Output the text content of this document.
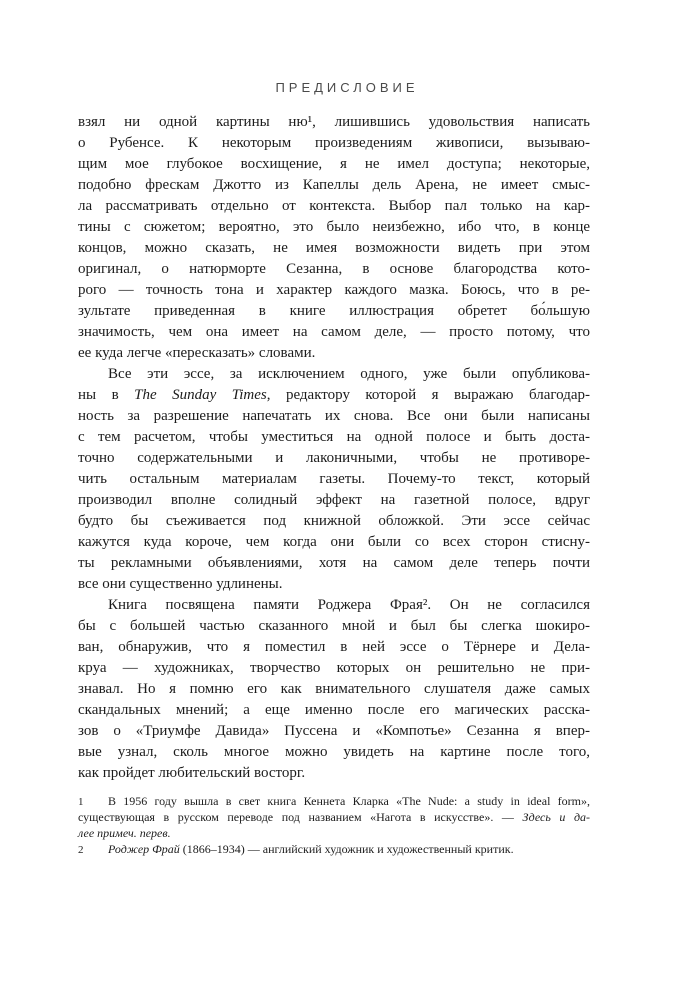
ПРЕДИСЛОВИЕ
взял ни одной картины ню¹, лишившись удовольствия написать
о Рубенсе. К некоторым произведениям живописи, вызываю-
щим мое глубокое восхищение, я не имел доступа; некоторые,
подобно фрескам Джотто из Капеллы дель Арена, не имеет смыс-
ла рассматривать отдельно от контекста. Выбор пал только на кар-
тины с сюжетом; вероятно, это было неизбежно, ибо что, в конце
концов, можно сказать, не имея возможности видеть при этом
оригинал, о натюрморте Сезанна, в основе благородства кото-
рого — точность тона и характер каждого мазка. Боюсь, что в ре-
зультате приведенная в книге иллюстрация обретет бо́льшую
значимость, чем она имеет на самом деле, — просто потому, что
ее куда легче «пересказать» словами.
Все эти эссе, за исключением одного, уже были опубликова-
ны в The Sunday Times, редактору которой я выражаю благодар-
ность за разрешение напечатать их снова. Все они были написаны
с тем расчетом, чтобы уместиться на одной полосе и быть доста-
точно содержательными и лаконичными, чтобы не противоре-
чить остальным материалам газеты. Почему-то текст, который
производил вполне солидный эффект на газетной полосе, вдруг
будто бы съеживается под книжной обложкой. Эти эссе сейчас
кажутся куда короче, чем когда они были со всех сторон стисну-
ты рекламными объявлениями, хотя на самом деле теперь почти
все они существенно удлинены.
Книга посвящена памяти Роджера Фрая². Он не согласился
бы с большей частью сказанного мной и был бы слегка шокиро-
ван, обнаружив, что я поместил в ней эссе о Тёрнере и Дела-
круа — художниках, творчество которых он решительно не при-
знавал. Но я помню его как внимательного слушателя даже самых
скандальных мнений; а еще именно после его магических расска-
зов о «Триумфе Давида» Пуссена и «Компотье» Сезанна я впер-
вые узнал, сколь многое можно увидеть на картине после того,
как пройдет любительский восторг.
1	В 1956 году вышла в свет книга Кеннета Кларка «The Nude: a study in ideal form»,
существующая в русском переводе под названием «Нагота в искусстве». — Здесь и да-
лее примеч. перев.
2	Роджер Фрай (1866–1934) — английский художник и художественный критик.
